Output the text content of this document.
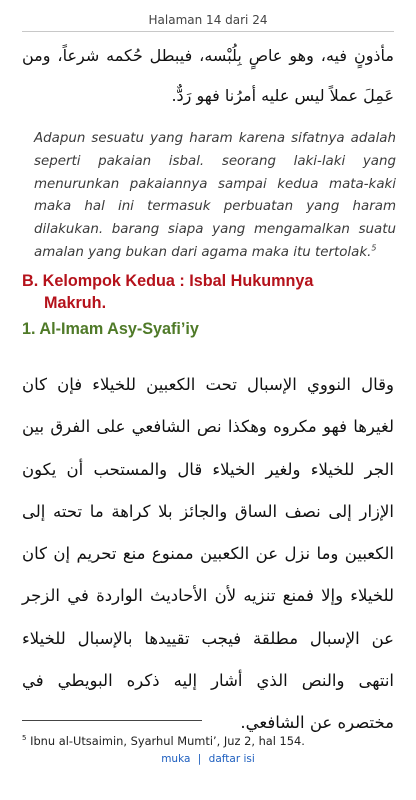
Halaman 14 dari 24
مأذونٍ فيه، وهو عاصٍ بِلُبْسه، فيبطل حُكمه شرعاً، ومن عَمِلَ عملاً ليس عليه أمرُنا فهو رَدٌّ.
Adapun sesuatu yang haram karena sifatnya adalah seperti pakaian isbal. seorang laki-laki yang menurunkan pakaiannya sampai kedua mata-kaki maka hal ini termasuk perbuatan yang haram dilakukan. barang siapa yang mengamalkan suatu amalan yang bukan dari agama maka itu tertolak.$^5$
B. Kelompok Kedua : Isbal Hukumnya
Makruh.
1. Al-Imam Asy-Syafi’iy
وقال النووي الإسبال تحت الكعبين للخيلاء فإن كان لغيرها فهو مكروه وهكذا نص الشافعي على الفرق بين الجر للخيلاء ولغير الخيلاء قال والمستحب أن يكون الإزار إلى نصف الساق والجائز بلا كراهة ما تحته إلى الكعبين وما نزل عن الكعبين ممنوع منع تحريم إن كان للخيلاء وإلا فمنع تنزيه لأن الأحاديث الواردة في الزجر عن الإسبال مطلقة فيجب تقييدها بالإسبال للخيلاء انتهى والنص الذي أشار إليه ذكره البويطي في مختصره عن الشافعي.
$^5$ Ibnu al-Utsaimin, Syarhul Mumti’, Juz 2, hal 154.
muka | daftar isi
